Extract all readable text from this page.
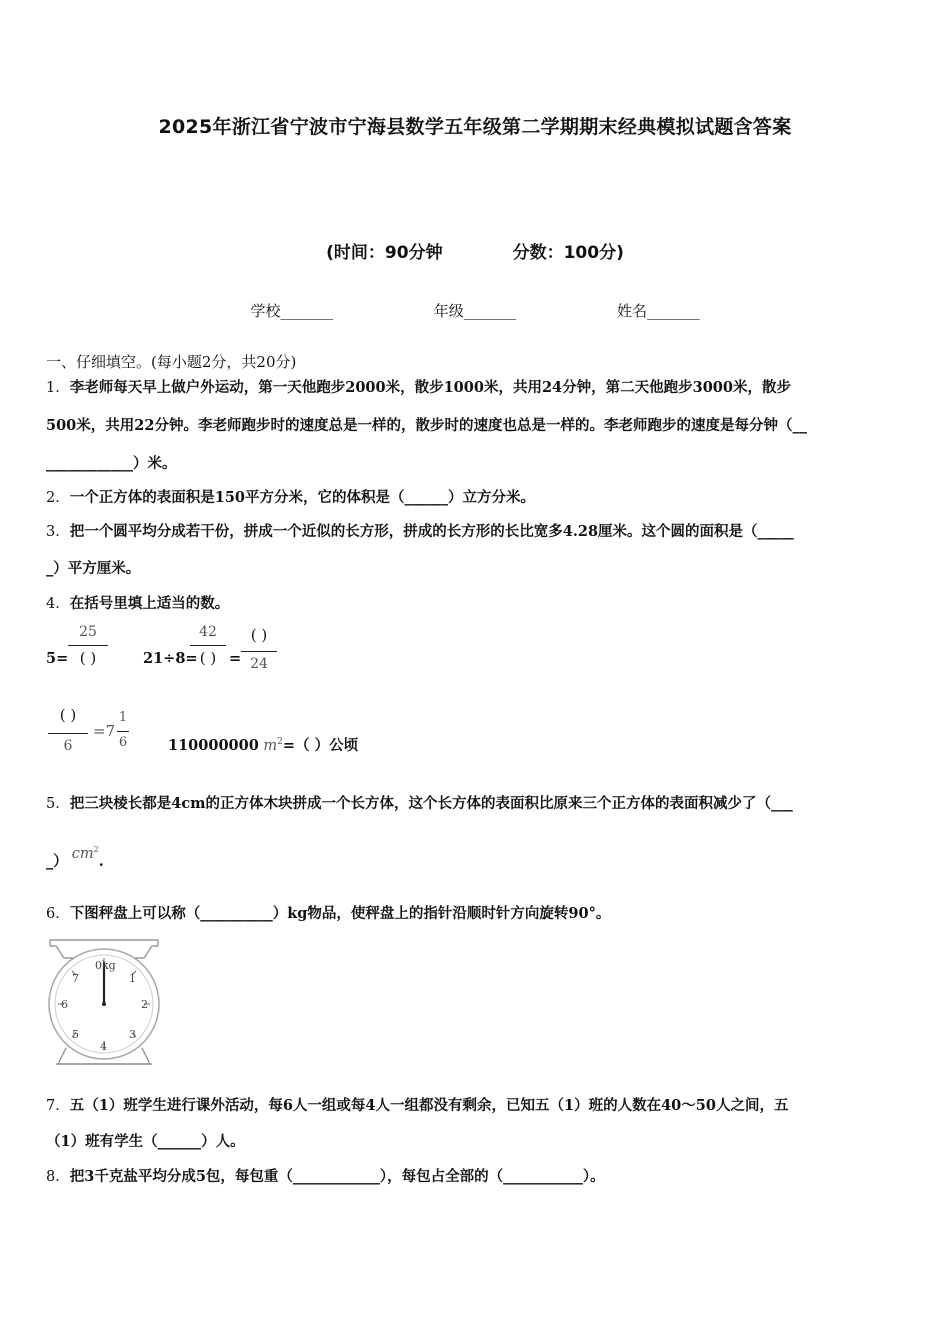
2025年浙江省宁波市宁海县数学五年级第二学期期末经典模拟试题含答案
(时间：90分钟	分数：100分)
学校_______	年级_______	姓名_______
一、仔细填空。(每小题2分，共20分)
1．李老师每天早上做户外运动，第一天他跑步2000米，散步1000米，共用24分钟，第二天他跑步3000米，散步
500米，共用22分钟。李老师跑步时的速度总是一样的，散步时的速度也总是一样的。李老师跑步的速度是每分钟（__
____________）米。
2．一个正方体的表面积是150平方分米，它的体积是（______）立方分米。
3．把一个圆平均分成若干份，拼成一个近似的长方形，拼成的长方形的长比宽多4.28厘米。这个圆的面积是（_____
_）平方厘米。
4．在括号里填上适当的数。
5=
25
( )	21÷8=
42
( ) =
( )
24
( )
6
=7
1
6	110000000 $m^2=$（ ）公顷
5．把三块棱长都是4cm的正方体木块拼成一个长方体，这个长方体的表面积比原来三个正方体的表面积减少了（___
_） $cm^2$.
6．下图秤盘上可以称（__________）kg物品，使秤盘上的指针沿顺时针方向旋转90°。
0kg
1
2
3
4
5
6
7
7．五（1）班学生进行课外活动，每6人一组或每4人一组都没有剩余，已知五（1）班的人数在40～50人之间，五
（1）班有学生（______）人。
8．把3千克盐平均分成5包，每包重（____________），每包占全部的（___________）。
